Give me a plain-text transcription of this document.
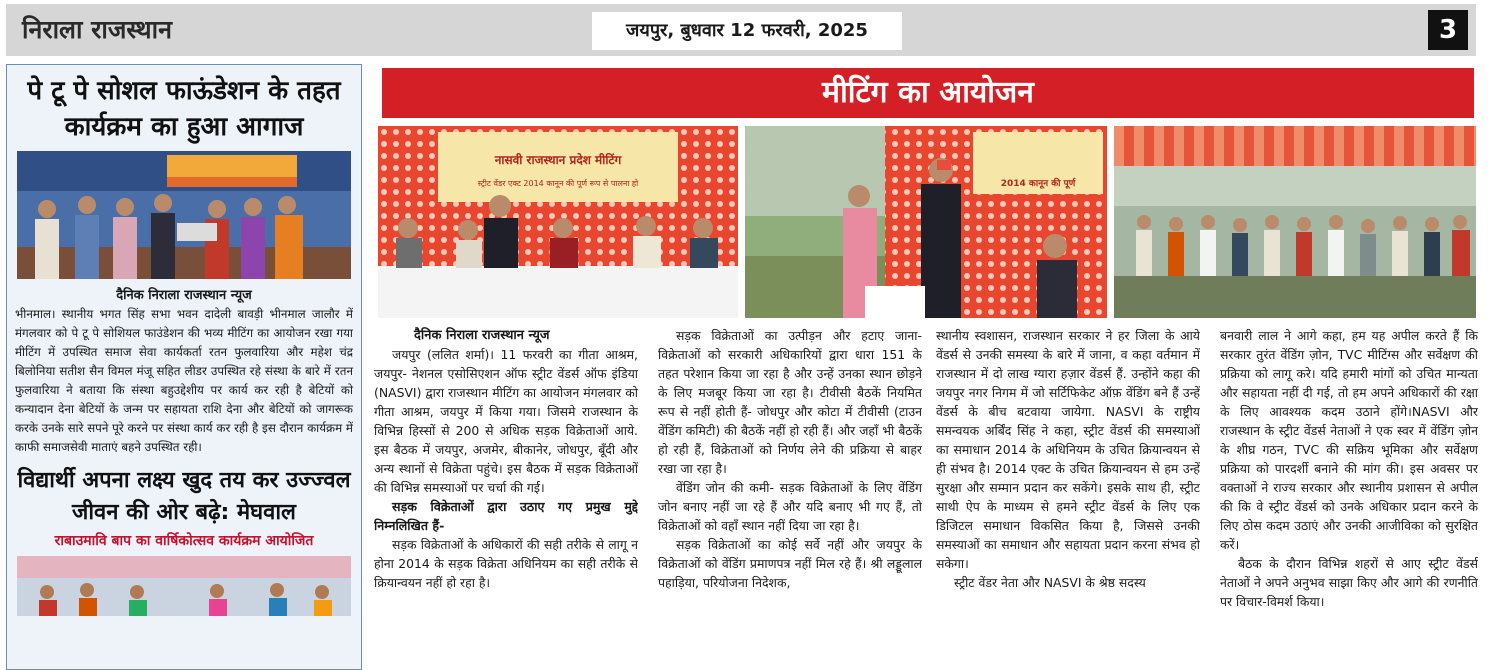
निराला राजस्थान	जयपुर, बुधवार 12 फरवरी, 2025	3
पे टू पे सोशल फाऊंडेशन के तहत कार्यक्रम का हुआ आगाज
दैनिक निराला राजस्थान न्यूज
भीनमाल। स्थानीय भगत सिंह सभा भवन दादेली बावड़ी भीनमाल जालौर में मंगलवार को पे टू पे सोशियल फाउंडेशन की भव्य मीटिंग का आयोजन रखा गया मीटिंग में उपस्थित समाज सेवा कार्यकर्ता रतन फुलवारिया और महेश चंद्र बिलोनिया सतीश सैन विमल मंजू सहित लीडर उपस्थित रहे संस्था के बारे में रतन फुलवारिया ने बताया कि संस्था बहुउद्देशीय पर कार्य कर रही है बेटियों को कन्यादान देना बेटियों के जन्म पर सहायता राशि देना और बेटियों को जागरूक करके उनके सारे सपने पूरे करने पर संस्था कार्य कर रही है इस दौरान कार्यक्रम में काफी समाजसेवी माताएं बहने उपस्थित रही।
विद्यार्थी अपना लक्ष्य खुद तय कर उज्ज्वल जीवन की ओर बढ़े: मेघवाल
राबाउमावि बाप का वार्षिकोत्सव कार्यक्रम आयोजित
मीटिंग का आयोजन
नासवी राजस्थान प्रदेश मीटिंग
स्ट्रीट वेंडर एक्ट 2014 कानून की पूर्ण रूप से पालना हो	2014 कानून की पूर्ण
दैनिक निराला राजस्थान न्यूज

जयपुर (ललित शर्मा)। 11 फरवरी का गीता आश्रम, जयपुर- नेशनल एसोसिएशन ऑफ स्ट्रीट वेंडर्स ऑफ इंडिया (NASVI) द्वारा राजस्थान मीटिंग का आयोजन मंगलवार को गीता आश्रम, जयपुर में किया गया। जिसमे राजस्थान के विभिन्न हिस्सों से 200 से अधिक सड़क विक्रेताओं आये. इस बैठक में जयपुर, अजमेर, बीकानेर, जोधपुर, बूँदी और अन्य स्थानों से विक्रेता पहुंचे। इस बैठक में सड़क विक्रेताओं की विभिन्न समस्याओं पर चर्चा की गई।

सड़क विक्रेताओं द्वारा उठाए गए प्रमुख मुद्दे निम्नलिखित हैं-

सड़क विक्रेताओं के अधिकारों की सही तरीके से लागू न होना 2014 के सड़क विक्रेता अधिनियम का सही तरीके से क्रियान्वयन नहीं हो रहा है।

सड़क विक्रेताओं का उत्पीड़न और हटाए जाना- विक्रेताओं को सरकारी अधिकारियों द्वारा धारा 151 के तहत परेशान किया जा रहा है और उन्हें उनका स्थान छोड़ने के लिए मजबूर किया जा रहा है। टीवीसी बैठकें नियमित रूप से नहीं होती हैं- जोधपुर और कोटा में टीवीसी (टाउन वेंडिंग कमिटी) की बैठकें नहीं हो रही हैं। और जहाँ भी बैठकें हो रही हैं, विक्रेताओं को निर्णय लेने की प्रक्रिया से बाहर रखा जा रहा है।

वेंडिंग जोन की कमी- सड़क विक्रेताओं के लिए वेंडिंग जोन बनाए नहीं जा रहे हैं और यदि बनाए भी गए हैं, तो विक्रेताओं को वहाँ स्थान नहीं दिया जा रहा है।

सड़क विक्रेताओं का कोई सर्वे नहीं और जयपुर के विक्रेताओं को वेंडिंग प्रमाणपत्र नहीं मिल रहे हैं। श्री लड्डूलाल पहाड़िया, परियोजना निदेशक,

स्थानीय स्वशासन, राजस्थान सरकार ने हर जिला के आये वेंडर्स से उनकी समस्या के बारे में जाना, व कहा वर्तमान में राजस्थान में दो लाख ग्यारा हज़ार वेंडर्स हैं. उन्होंने कहा की जयपुर नगर निगम में जो सर्टिफिकेट ऑफ़ वेंडिंग बने हैं उन्हें वेंडर्स के बीच बटवाया जायेगा. NASVI के राष्ट्रीय समन्वयक अर्बिंद सिंह ने कहा, स्ट्रीट वेंडर्स की समस्याओं का समाधान 2014 के अधिनियम के उचित क्रियान्वयन से ही संभव है। 2014 एक्ट के उचित क्रियान्वयन से हम उन्हें सुरक्षा और सम्मान प्रदान कर सकेंगे। इसके साथ ही, स्ट्रीट साथी ऐप के माध्यम से हमने स्ट्रीट वेंडर्स के लिए एक डिजिटल समाधान विकसित किया है, जिससे उनकी समस्याओं का समाधान और सहायता प्रदान करना संभव हो सकेगा।

स्ट्रीट वेंडर नेता और NASVI के श्रेष्ठ सदस्य

बनवारी लाल ने आगे कहा, हम यह अपील करते हैं कि सरकार तुरंत वेंडिंग ज़ोन, TVC मीटिंग्स और सर्वेक्षण की प्रक्रिया को लागू करे। यदि हमारी मांगों को उचित मान्यता और सहायता नहीं दी गई, तो हम अपने अधिकारों की रक्षा के लिए आवश्यक कदम उठाने होंगे।NASVI और राजस्थान के स्ट्रीट वेंडर्स नेताओं ने एक स्वर में वेंडिंग ज़ोन के शीघ्र गठन, TVC की सक्रिय भूमिका और सर्वेक्षण प्रक्रिया को पारदर्शी बनाने की मांग की। इस अवसर पर वक्ताओं ने राज्य सरकार और स्थानीय प्रशासन से अपील की कि वे स्ट्रीट वेंडर्स को उनके अधिकार प्रदान करने के लिए ठोस कदम उठाएं और उनकी आजीविका को सुरक्षित करें।

बैठक के दौरान विभिन्न शहरों से आए स्ट्रीट वेंडर्स नेताओं ने अपने अनुभव साझा किए और आगे की रणनीति पर विचार-विमर्श किया।
